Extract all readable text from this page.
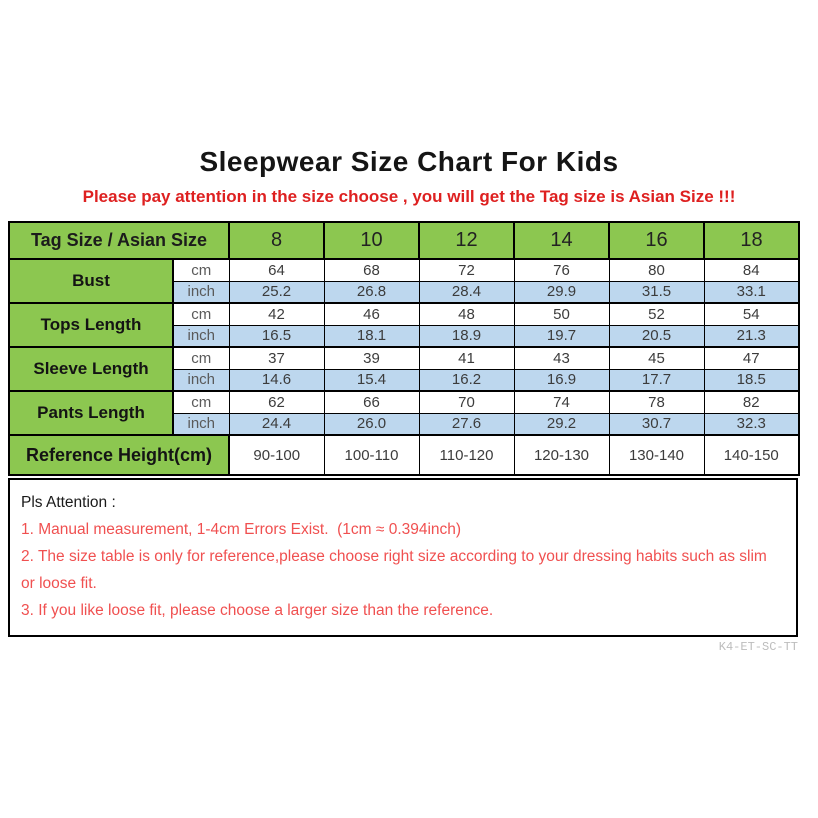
Sleepwear Size Chart For Kids

Please pay attention in the size choose , you will get the Tag size is Asian Size !!!

Tag Size / Asian Size		8	10	12	14	16	18
Bust	cm	64	68	72	76	80	84
	inch	25.2	26.8	28.4	29.9	31.5	33.1
Tops Length	cm	42	46	48	50	52	54
	inch	16.5	18.1	18.9	19.7	20.5	21.3
Sleeve Length	cm	37	39	41	43	45	47
	inch	14.6	15.4	16.2	16.9	17.7	18.5
Pants Length	cm	62	66	70	74	78	82
	inch	24.4	26.0	27.6	29.2	30.7	32.3
Reference Height(cm)		90-100	100-110	110-120	120-130	130-140	140-150

Pls Attention :

1. Manual measurement, 1-4cm Errors Exist.  (1cm ≈ 0.394inch)

2. The size table is only for reference,please choose right size according to your dressing habits such as slim or loose fit.

3. If you like loose fit, please choose a larger size than the reference.

K4-ET-SC-TT
